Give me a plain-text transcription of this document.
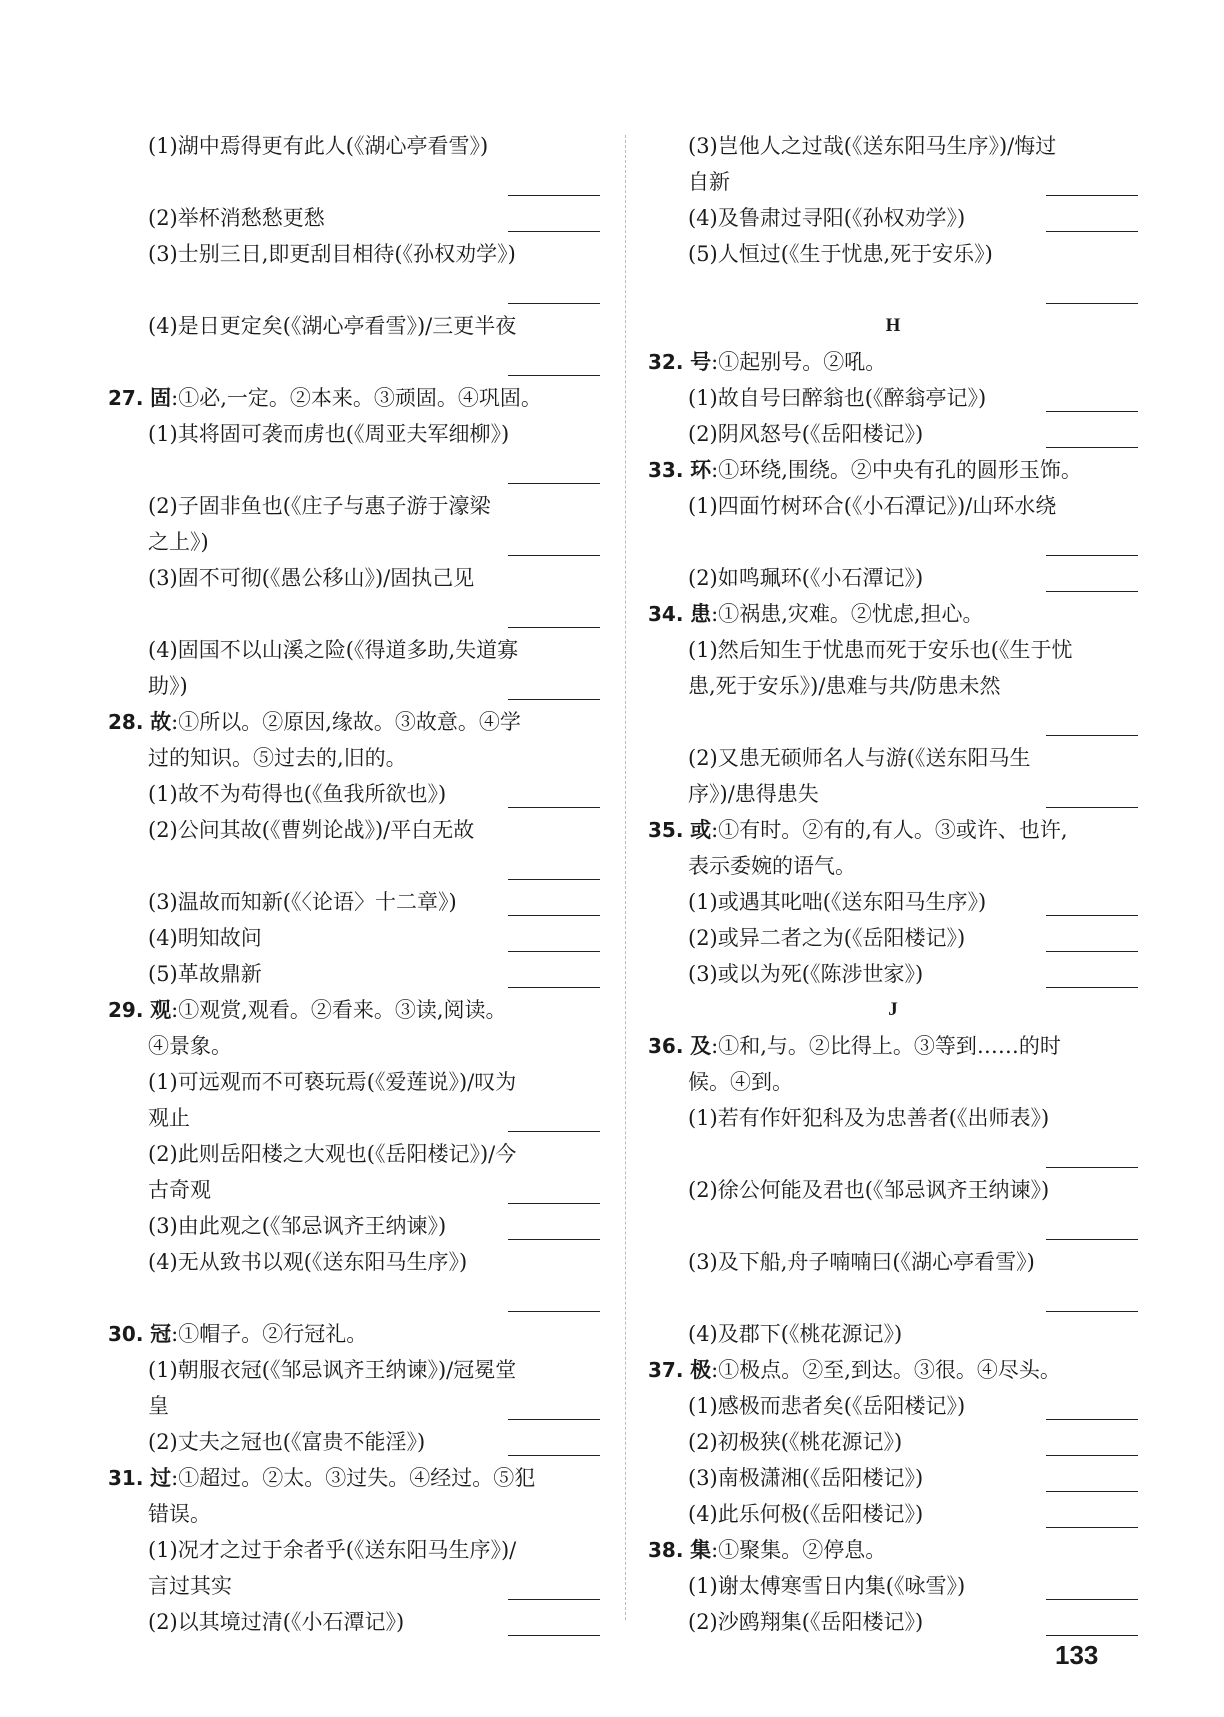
(1)湖中焉得更有此人(《湖心亭看雪》)
(2)举杯消愁愁更愁
(3)士别三日,即更刮目相待(《孙权劝学》)
(4)是日更定矣(《湖心亭看雪》)/三更半夜
27. 固:①必,一定。②本来。③顽固。④巩固。
(1)其将固可袭而虏也(《周亚夫军细柳》)
(2)子固非鱼也(《庄子与惠子游于濠梁
之上》)
(3)固不可彻(《愚公移山》)/固执己见
(4)固国不以山溪之险(《得道多助,失道寡
助》)
28. 故:①所以。②原因,缘故。③故意。④学
过的知识。⑤过去的,旧的。
(1)故不为苟得也(《鱼我所欲也》)
(2)公问其故(《曹刿论战》)/平白无故
(3)温故而知新(《〈论语〉十二章》)
(4)明知故问
(5)革故鼎新
29. 观:①观赏,观看。②看来。③读,阅读。
④景象。
(1)可远观而不可亵玩焉(《爱莲说》)/叹为
观止
(2)此则岳阳楼之大观也(《岳阳楼记》)/今
古奇观
(3)由此观之(《邹忌讽齐王纳谏》)
(4)无从致书以观(《送东阳马生序》)
30. 冠:①帽子。②行冠礼。
(1)朝服衣冠(《邹忌讽齐王纳谏》)/冠冕堂
皇
(2)丈夫之冠也(《富贵不能淫》)
31. 过:①超过。②太。③过失。④经过。⑤犯
错误。
(1)况才之过于余者乎(《送东阳马生序》)/
言过其实
(2)以其境过清(《小石潭记》)
(3)岂他人之过哉(《送东阳马生序》)/悔过
自新
(4)及鲁肃过寻阳(《孙权劝学》)
(5)人恒过(《生于忧患,死于安乐》)
H
32. 号:①起别号。②吼。
(1)故自号曰醉翁也(《醉翁亭记》)
(2)阴风怒号(《岳阳楼记》)
33. 环:①环绕,围绕。②中央有孔的圆形玉饰。
(1)四面竹树环合(《小石潭记》)/山环水绕
(2)如鸣珮环(《小石潭记》)
34. 患:①祸患,灾难。②忧虑,担心。
(1)然后知生于忧患而死于安乐也(《生于忧
患,死于安乐》)/患难与共/防患未然
(2)又患无硕师名人与游(《送东阳马生
序》)/患得患失
35. 或:①有时。②有的,有人。③或许、也许,
表示委婉的语气。
(1)或遇其叱咄(《送东阳马生序》)
(2)或异二者之为(《岳阳楼记》)
(3)或以为死(《陈涉世家》)
J
36. 及:①和,与。②比得上。③等到……的时
候。④到。
(1)若有作奸犯科及为忠善者(《出师表》)
(2)徐公何能及君也(《邹忌讽齐王纳谏》)
(3)及下船,舟子喃喃曰(《湖心亭看雪》)
(4)及郡下(《桃花源记》)
37. 极:①极点。②至,到达。③很。④尽头。
(1)感极而悲者矣(《岳阳楼记》)
(2)初极狭(《桃花源记》)
(3)南极潇湘(《岳阳楼记》)
(4)此乐何极(《岳阳楼记》)
38. 集:①聚集。②停息。
(1)谢太傅寒雪日内集(《咏雪》)
(2)沙鸥翔集(《岳阳楼记》)
133
